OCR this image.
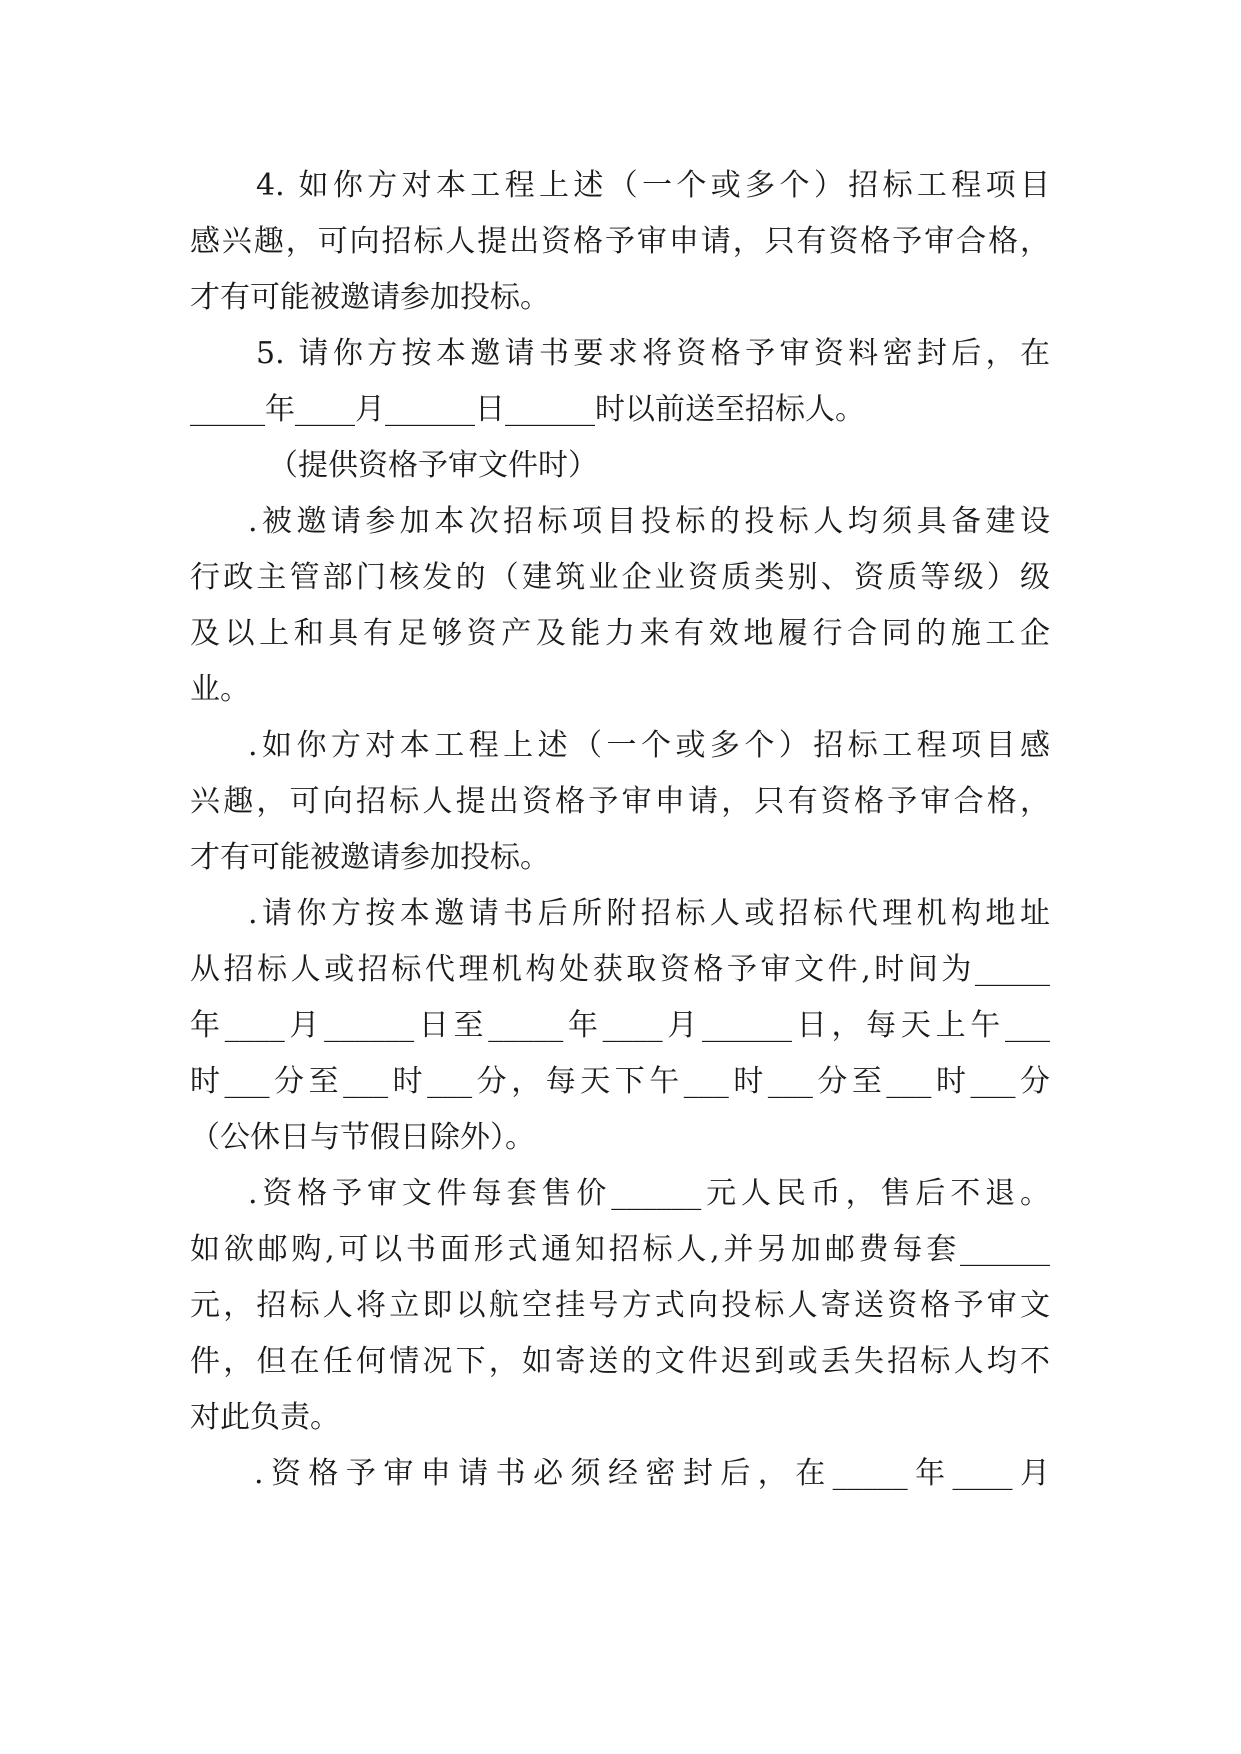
4. 如你方对本工程上述（一个或多个）招标工程项目
感兴趣，可向招标人提出资格予审申请，只有资格予审合格，
才有可能被邀请参加投标。
5. 请你方按本邀请书要求将资格予审资料密封后，在
_____年____月______日______时以前送至招标人。
（提供资格予审文件时）
.被邀请参加本次招标项目投标的投标人均须具备建设
行政主管部门核发的（建筑业企业资质类别、资质等级）级
及以上和具有足够资产及能力来有效地履行合同的施工企
业。
.如你方对本工程上述（一个或多个）招标工程项目感
兴趣，可向招标人提出资格予审申请，只有资格予审合格，
才有可能被邀请参加投标。
.请你方按本邀请书后所附招标人或招标代理机构地址
从招标人或招标代理机构处获取资格予审文件,时间为_____
年____月______日至_____年____月______日，每天上午___
时___分至___时___分，每天下午___时___分至___时___分
（公休日与节假日除外）。
.资格予审文件每套售价______元人民币，售后不退。
如欲邮购,可以书面形式通知招标人,并另加邮费每套______
元，招标人将立即以航空挂号方式向投标人寄送资格予审文
件，但在任何情况下，如寄送的文件迟到或丢失招标人均不
对此负责。
.资格予审申请书必须经密封后，在_____年____月
